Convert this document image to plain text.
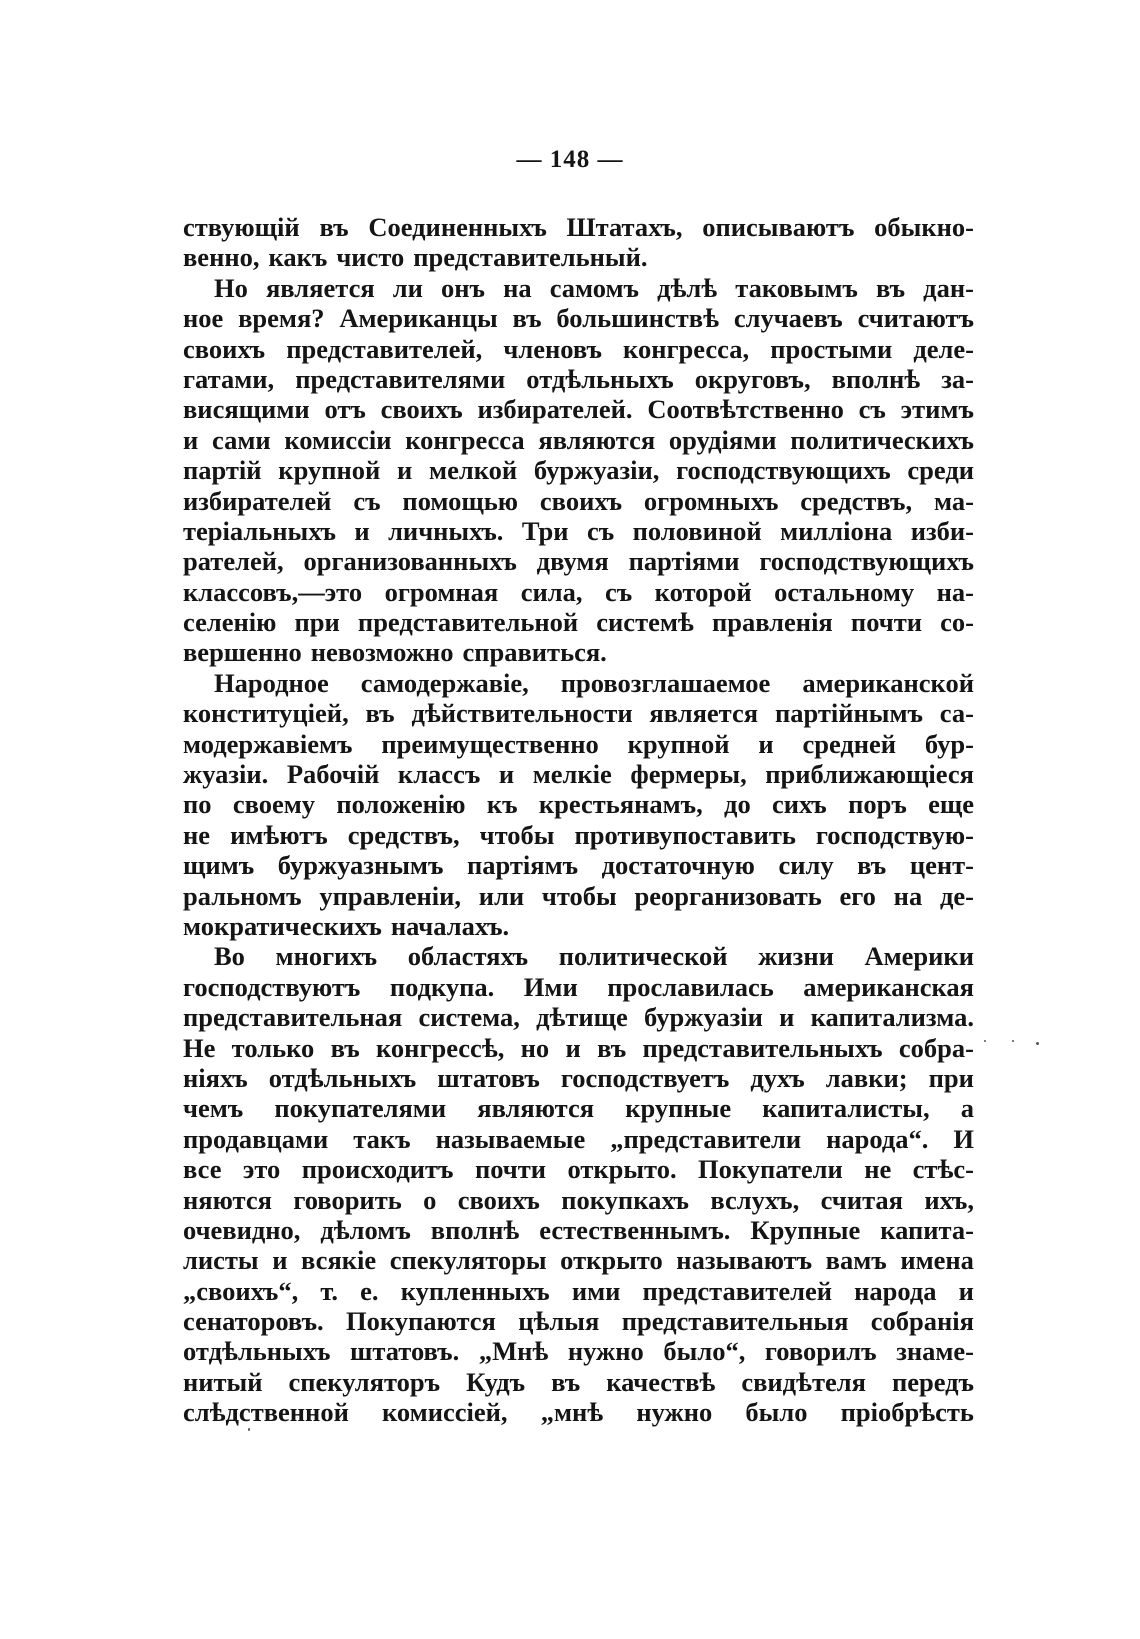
— 148 —
ствующій въ Соединенныхъ Штатахъ, описываютъ обыкно-
венно, какъ чисто представительный.
Но является ли онъ на самомъ дѣлѣ таковымъ въ дан-
ное время? Американцы въ большинствѣ случаевъ считаютъ
своихъ представителей, членовъ конгресса, простыми деле-
гатами, представителями отдѣльныхъ округовъ, вполнѣ за-
висящими отъ своихъ избирателей. Соотвѣтственно съ этимъ
и сами комиссіи конгресса являются орудіями политическихъ
партій крупной и мелкой буржуазіи, господствующихъ среди
избирателей съ помощью своихъ огромныхъ средствъ, ма-
теріальныхъ и личныхъ. Три съ половиной милліона изби-
рателей, организованныхъ двумя партіями господствующихъ
классовъ,—это огромная сила, съ которой остальному на-
селенію при представительной системѣ правленія почти со-
вершенно невозможно справиться.
Народное самодержавіе, провозглашаемое американской
конституціей, въ дѣйствительности является партійнымъ са-
модержавіемъ преимущественно крупной и средней бур-
жуазіи. Рабочій классъ и мелкіе фермеры, приближающіеся
по своему положенію къ крестьянамъ, до сихъ поръ еще
не имѣютъ средствъ, чтобы противупоставить господствую-
щимъ буржуазнымъ партіямъ достаточную силу въ цент-
ральномъ управленіи, или чтобы реорганизовать его на де-
мократическихъ началахъ.
Во многихъ областяхъ политической жизни Америки
господствуютъ подкупа. Ими прославилась американская
представительная система, дѣтище буржуазіи и капитализма.
Не только въ конгрессѣ, но и въ представительныхъ собра-
ніяхъ отдѣльныхъ штатовъ господствуетъ духъ лавки; при
чемъ покупателями являются крупные капиталисты, а
продавцами такъ называемые „представители народа“. И
все это происходитъ почти открыто. Покупатели не стѣс-
няются говорить о своихъ покупкахъ вслухъ, считая ихъ,
очевидно, дѣломъ вполнѣ естественнымъ. Крупные капита-
листы и всякіе спекуляторы открыто называютъ вамъ имена
„своихъ“, т. е. купленныхъ ими представителей народа и
сенаторовъ. Покупаются цѣлыя представительныя собранія
отдѣльныхъ штатовъ. „Мнѣ нужно было“, говорилъ знаме-
нитый спекуляторъ Кудъ въ качествѣ свидѣтеля передъ
слѣдственной комиссіей, „мнѣ нужно было пріобрѣсть
